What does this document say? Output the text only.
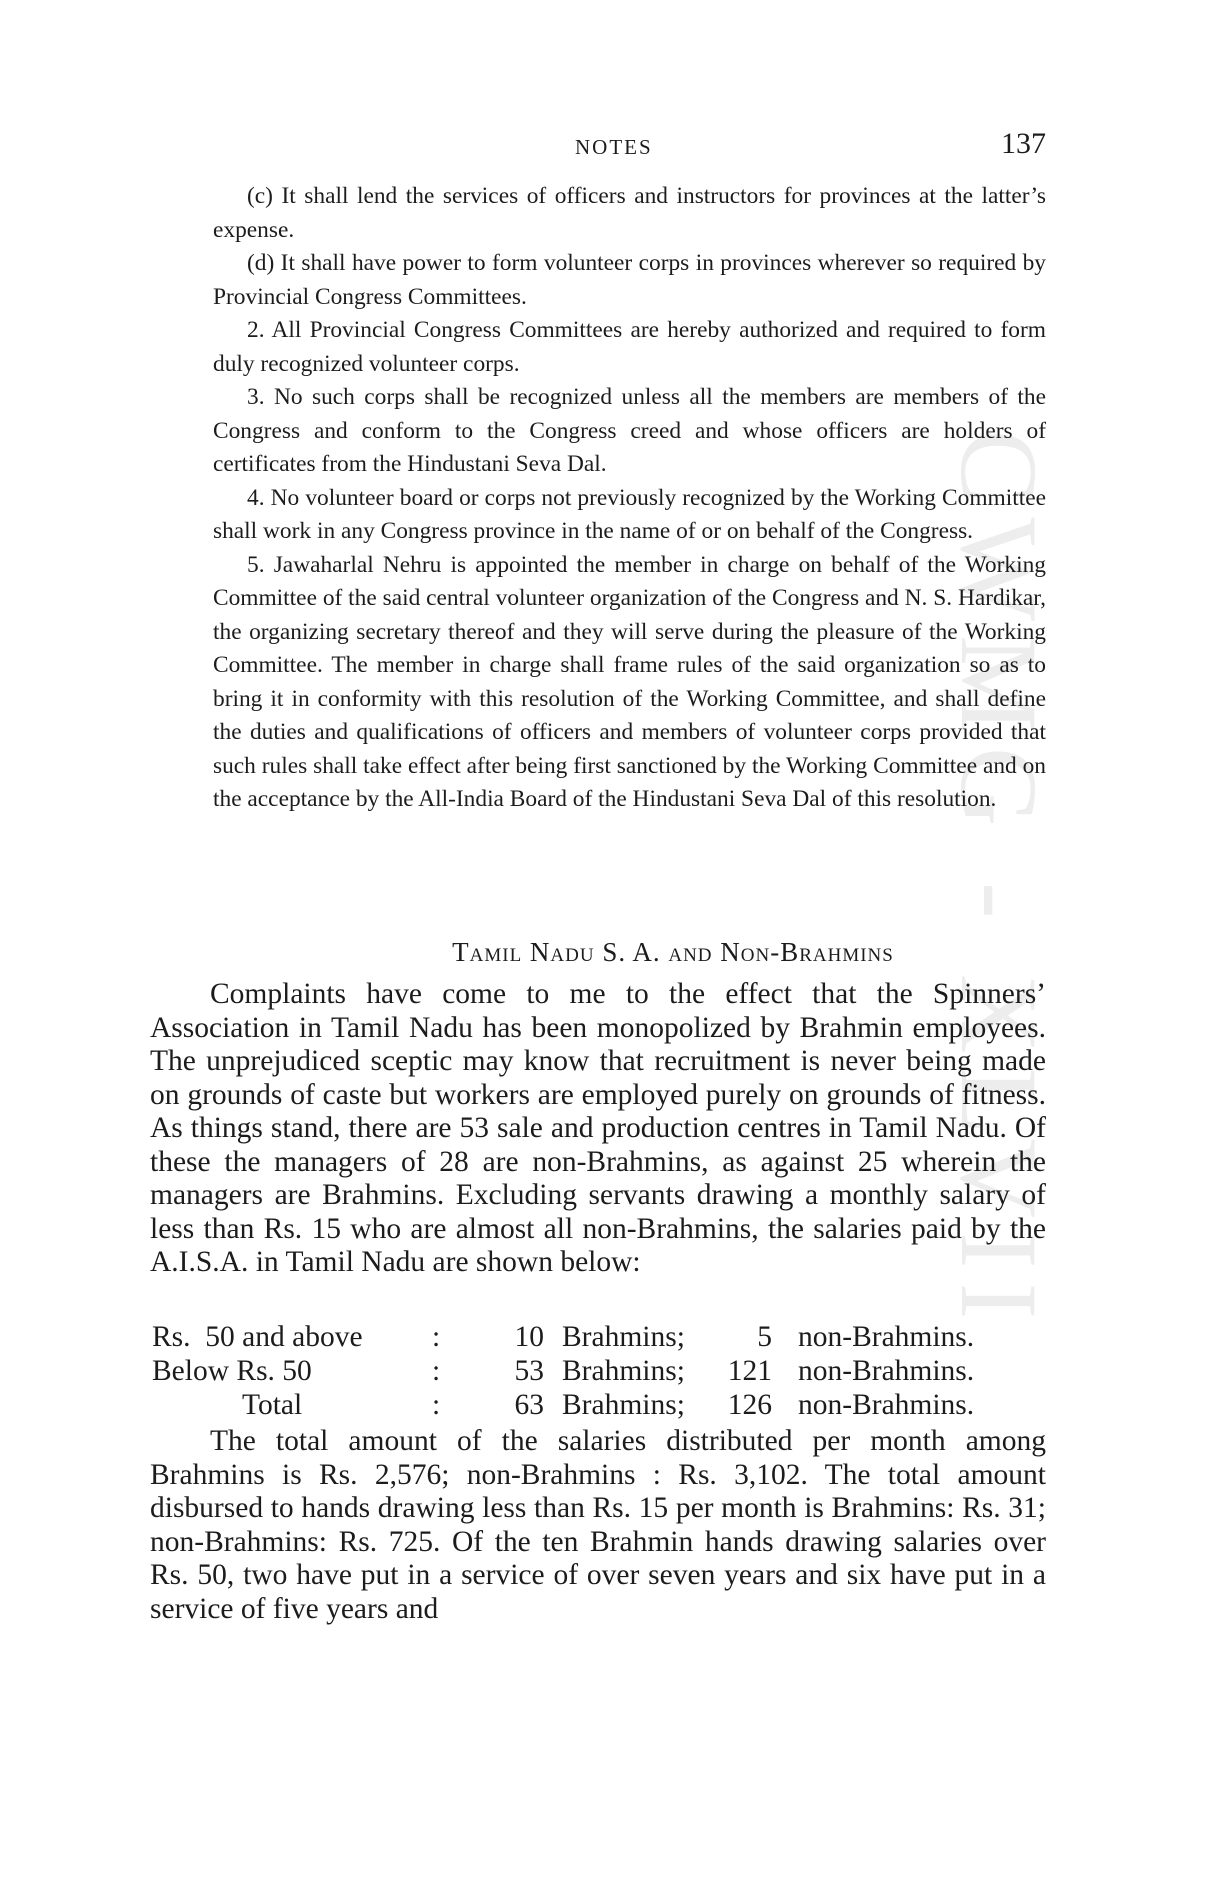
CWMG - XLVII
NOTES	137

(c) It shall lend the services of officers and instructors for provinces at the latter’s expense.

(d) It shall have power to form volunteer corps in provinces wherever so required by Provincial Congress Committees.

2. All Provincial Congress Committees are hereby authorized and required to form duly recognized volunteer corps.

3. No such corps shall be recognized unless all the members are members of the Congress and conform to the Congress creed and whose officers are holders of certificates from the Hindustani Seva Dal.

4. No volunteer board or corps not previously recognized by the Working Committee shall work in any Congress province in the name of or on behalf of the Congress.

5. Jawaharlal Nehru is appointed the member in charge on behalf of the Working Committee of the said central volunteer organization of the Congress and N. S. Hardikar, the organizing secretary thereof and they will serve during the pleasure of the Working Committee. The member in charge shall frame rules of the said organization so as to bring it in conformity with this resolution of the Working Committee, and shall define the duties and qualifications of officers and members of volunteer corps provided that such rules shall take effect after being first sanctioned by the Working Committee and on the acceptance by the All-India Board of the Hindustani Seva Dal of this resolution.

Tamil Nadu S. A. and Non-Brahmins

Complaints have come to me to the effect that the Spinners’ Association in Tamil Nadu has been monopolized by Brahmin employees. The unprejudiced sceptic may know that recruitment is never being made on grounds of caste but workers are employed purely on grounds of fitness. As things stand, there are 53 sale and production centres in Tamil Nadu. Of these the managers of 28 are non-Brahmins, as against 25 wherein the managers are Brahmins. Excluding servants drawing a monthly salary of less than Rs. 15 who are almost all non-Brahmins, the salaries paid by the A.I.S.A. in Tamil Nadu are shown below:

Rs.  50 and above	:	10	Brahmins;	5	non-Brahmins.
Below Rs. 50	:	53	Brahmins;	121	non-Brahmins.
Total	:	63	Brahmins;	126	non-Brahmins.

The total amount of the salaries distributed per month among Brahmins is Rs. 2,576; non-Brahmins : Rs. 3,102. The total amount disbursed to hands drawing less than Rs. 15 per month is Brahmins: Rs. 31; non-Brahmins: Rs. 725. Of the ten Brahmin hands drawing salaries over Rs. 50, two have put in a service of over seven years and six have put in a service of five years and
